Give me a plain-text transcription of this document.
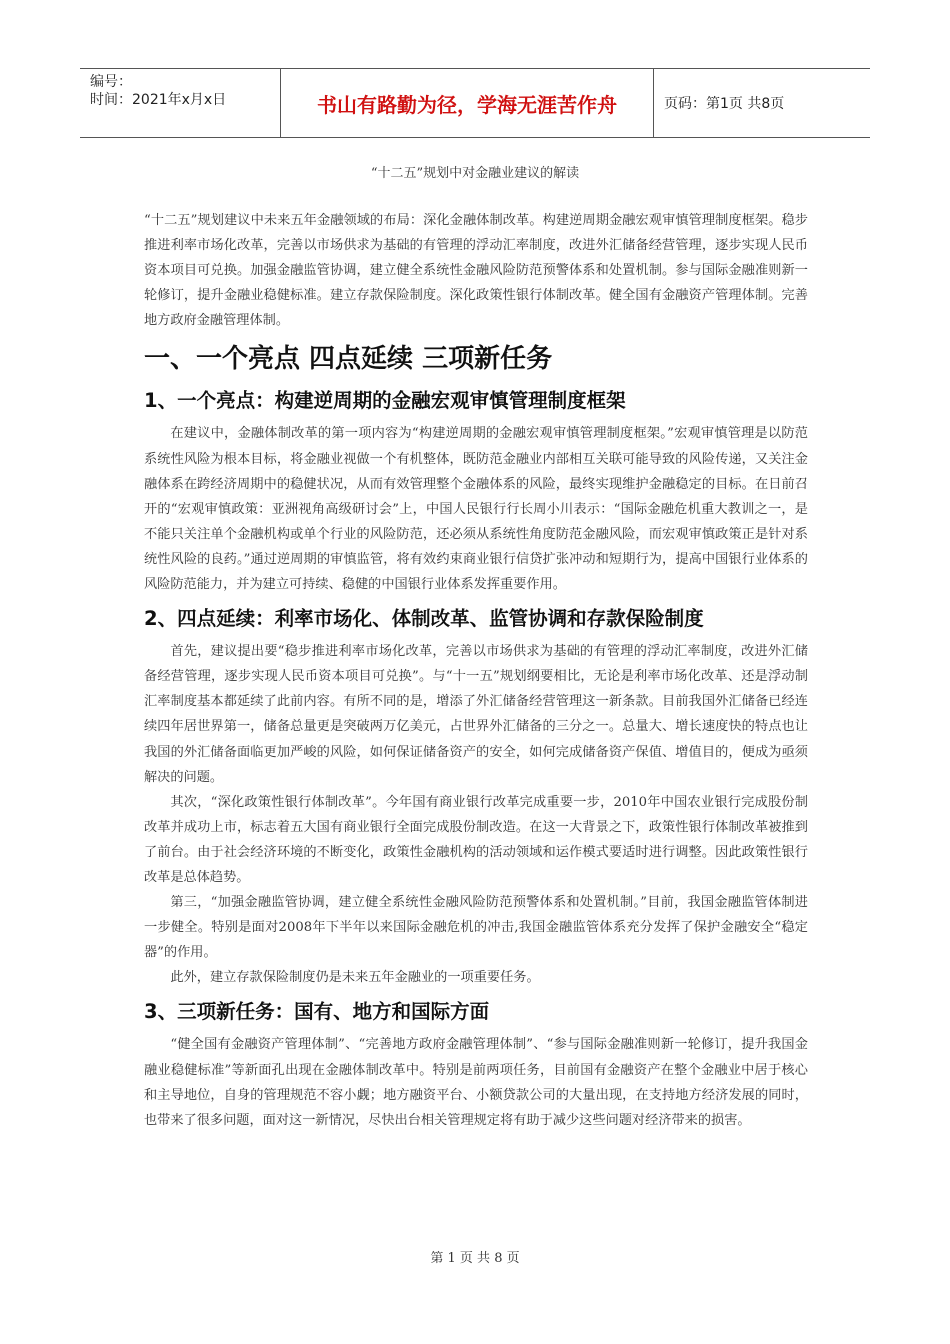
编号：
时间：2021年x月x日	书山有路勤为径，学海无涯苦作舟	页码：第1页 共8页
“十二五”规划中对金融业建议的解读

“十二五”规划建议中未来五年金融领域的布局：深化金融体制改革。构建逆周期金融宏观审慎管理制度框架。稳步推进利率市场化改革，完善以市场供求为基础的有管理的浮动汇率制度，改进外汇储备经营管理，逐步实现人民币资本项目可兑换。加强金融监管协调，建立健全系统性金融风险防范预警体系和处置机制。参与国际金融准则新一轮修订，提升金融业稳健标准。建立存款保险制度。深化政策性银行体制改革。健全国有金融资产管理体制。完善地方政府金融管理体制。

一、一个亮点 四点延续 三项新任务
1、一个亮点：构建逆周期的金融宏观审慎管理制度框架

在建议中，金融体制改革的第一项内容为“构建逆周期的金融宏观审慎管理制度框架。”宏观审慎管理是以防范系统性风险为根本目标，将金融业视做一个有机整体，既防范金融业内部相互关联可能导致的风险传递，又关注金融体系在跨经济周期中的稳健状况，从而有效管理整个金融体系的风险，最终实现维护金融稳定的目标。在日前召开的“宏观审慎政策：亚洲视角高级研讨会”上，中国人民银行行长周小川表示：“国际金融危机重大教训之一，是不能只关注单个金融机构或单个行业的风险防范，还必须从系统性角度防范金融风险，而宏观审慎政策正是针对系统性风险的良药。”通过逆周期的审慎监管，将有效约束商业银行信贷扩张冲动和短期行为，提高中国银行业体系的风险防范能力，并为建立可持续、稳健的中国银行业体系发挥重要作用。

2、四点延续：利率市场化、体制改革、监管协调和存款保险制度

首先，建议提出要“稳步推进利率市场化改革，完善以市场供求为基础的有管理的浮动汇率制度，改进外汇储备经营管理，逐步实现人民币资本项目可兑换”。与“十一五”规划纲要相比，无论是利率市场化改革、还是浮动制汇率制度基本都延续了此前内容。有所不同的是，增添了外汇储备经营管理这一新条款。目前我国外汇储备已经连续四年居世界第一，储备总量更是突破两万亿美元，占世界外汇储备的三分之一。总量大、增长速度快的特点也让我国的外汇储备面临更加严峻的风险，如何保证储备资产的安全，如何完成储备资产保值、增值目的，便成为亟须解决的问题。

其次，“深化政策性银行体制改革”。今年国有商业银行改革完成重要一步，2010年中国农业银行完成股份制改革并成功上市，标志着五大国有商业银行全面完成股份制改造。在这一大背景之下，政策性银行体制改革被推到了前台。由于社会经济环境的不断变化，政策性金融机构的活动领域和运作模式要适时进行调整。因此政策性银行改革是总体趋势。

第三，“加强金融监管协调，建立健全系统性金融风险防范预警体系和处置机制。”目前，我国金融监管体制进一步健全。特别是面对2008年下半年以来国际金融危机的冲击,我国金融监管体系充分发挥了保护金融安全“稳定器”的作用。

此外，建立存款保险制度仍是未来五年金融业的一项重要任务。

3、三项新任务：国有、地方和国际方面

“健全国有金融资产管理体制”、“完善地方政府金融管理体制”、“参与国际金融准则新一轮修订，提升我国金融业稳健标准”等新面孔出现在金融体制改革中。特别是前两项任务，目前国有金融资产在整个金融业中居于核心和主导地位，自身的管理规范不容小觑；地方融资平台、小额贷款公司的大量出现，在支持地方经济发展的同时，也带来了很多问题，面对这一新情况，尽快出台相关管理规定将有助于减少这些问题对经济带来的损害。

第 1 页 共 8 页
